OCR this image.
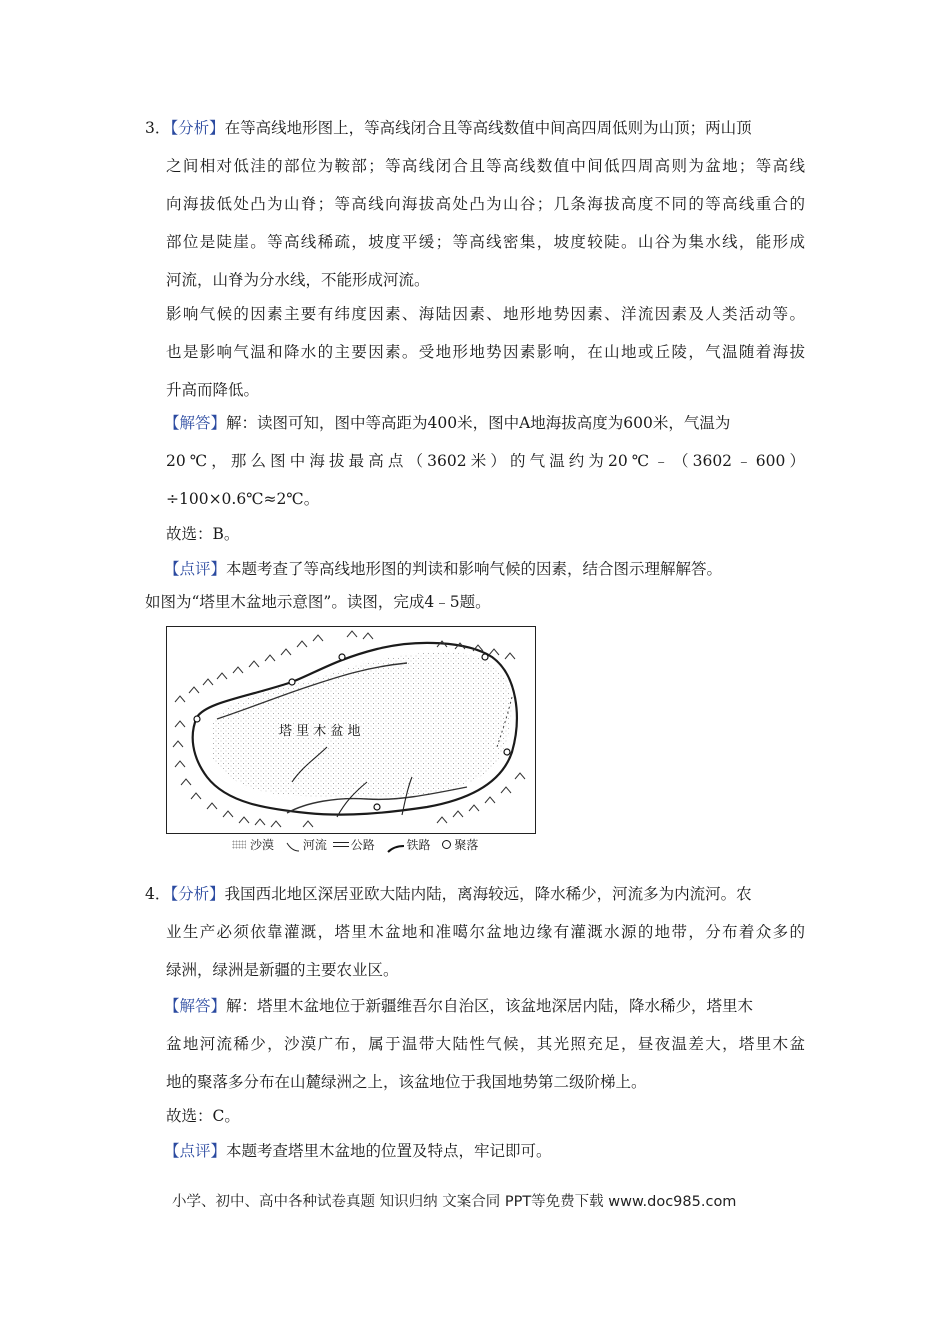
3．【分析】在等高线地形图上，等高线闭合且等高线数值中间高四周低则为山顶；两山顶
之间相对低洼的部位为鞍部；等高线闭合且等高线数值中间低四周高则为盆地；等高线
向海拔低处凸为山脊；等高线向海拔高处凸为山谷；几条海拔高度不同的等高线重合的
部位是陡崖。等高线稀疏，坡度平缓；等高线密集，坡度较陡。山谷为集水线，能形成
河流，山脊为分水线，不能形成河流。
影响气候的因素主要有纬度因素、海陆因素、地形地势因素、洋流因素及人类活动等。
也是影响气温和降水的主要因素。受地形地势因素影响，在山地或丘陵，气温随着海拔
升高而降低。
【解答】解：读图可知，图中等高距为400米，图中A地海拔高度为600米，气温为
20℃，那么图中海拔最高点（3602米）的气温约为20℃﹣（3602﹣600）
÷100×0.6℃≈2℃。
故选：B。
【点评】本题考查了等高线地形图的判读和影响气候的因素，结合图示理解解答。
如图为“塔里木盆地示意图”。读图，完成4﹣5题。
塔 里 木 盆 地
沙漠 河流 公路	铁路 聚落
4．【分析】我国西北地区深居亚欧大陆内陆，离海较远，降水稀少，河流多为内流河。农
业生产必须依靠灌溉，塔里木盆地和准噶尔盆地边缘有灌溉水源的地带，分布着众多的
绿洲，绿洲是新疆的主要农业区。
【解答】解：塔里木盆地位于新疆维吾尔自治区，该盆地深居内陆，降水稀少，塔里木
盆地河流稀少，沙漠广布，属于温带大陆性气候，其光照充足，昼夜温差大，塔里木盆
地的聚落多分布在山麓绿洲之上，该盆地位于我国地势第二级阶梯上。
故选：C。
【点评】本题考查塔里木盆地的位置及特点，牢记即可。
小学、初中、高中各种试卷真题 知识归纳 文案合同 PPT等免费下载 www.doc985.com
